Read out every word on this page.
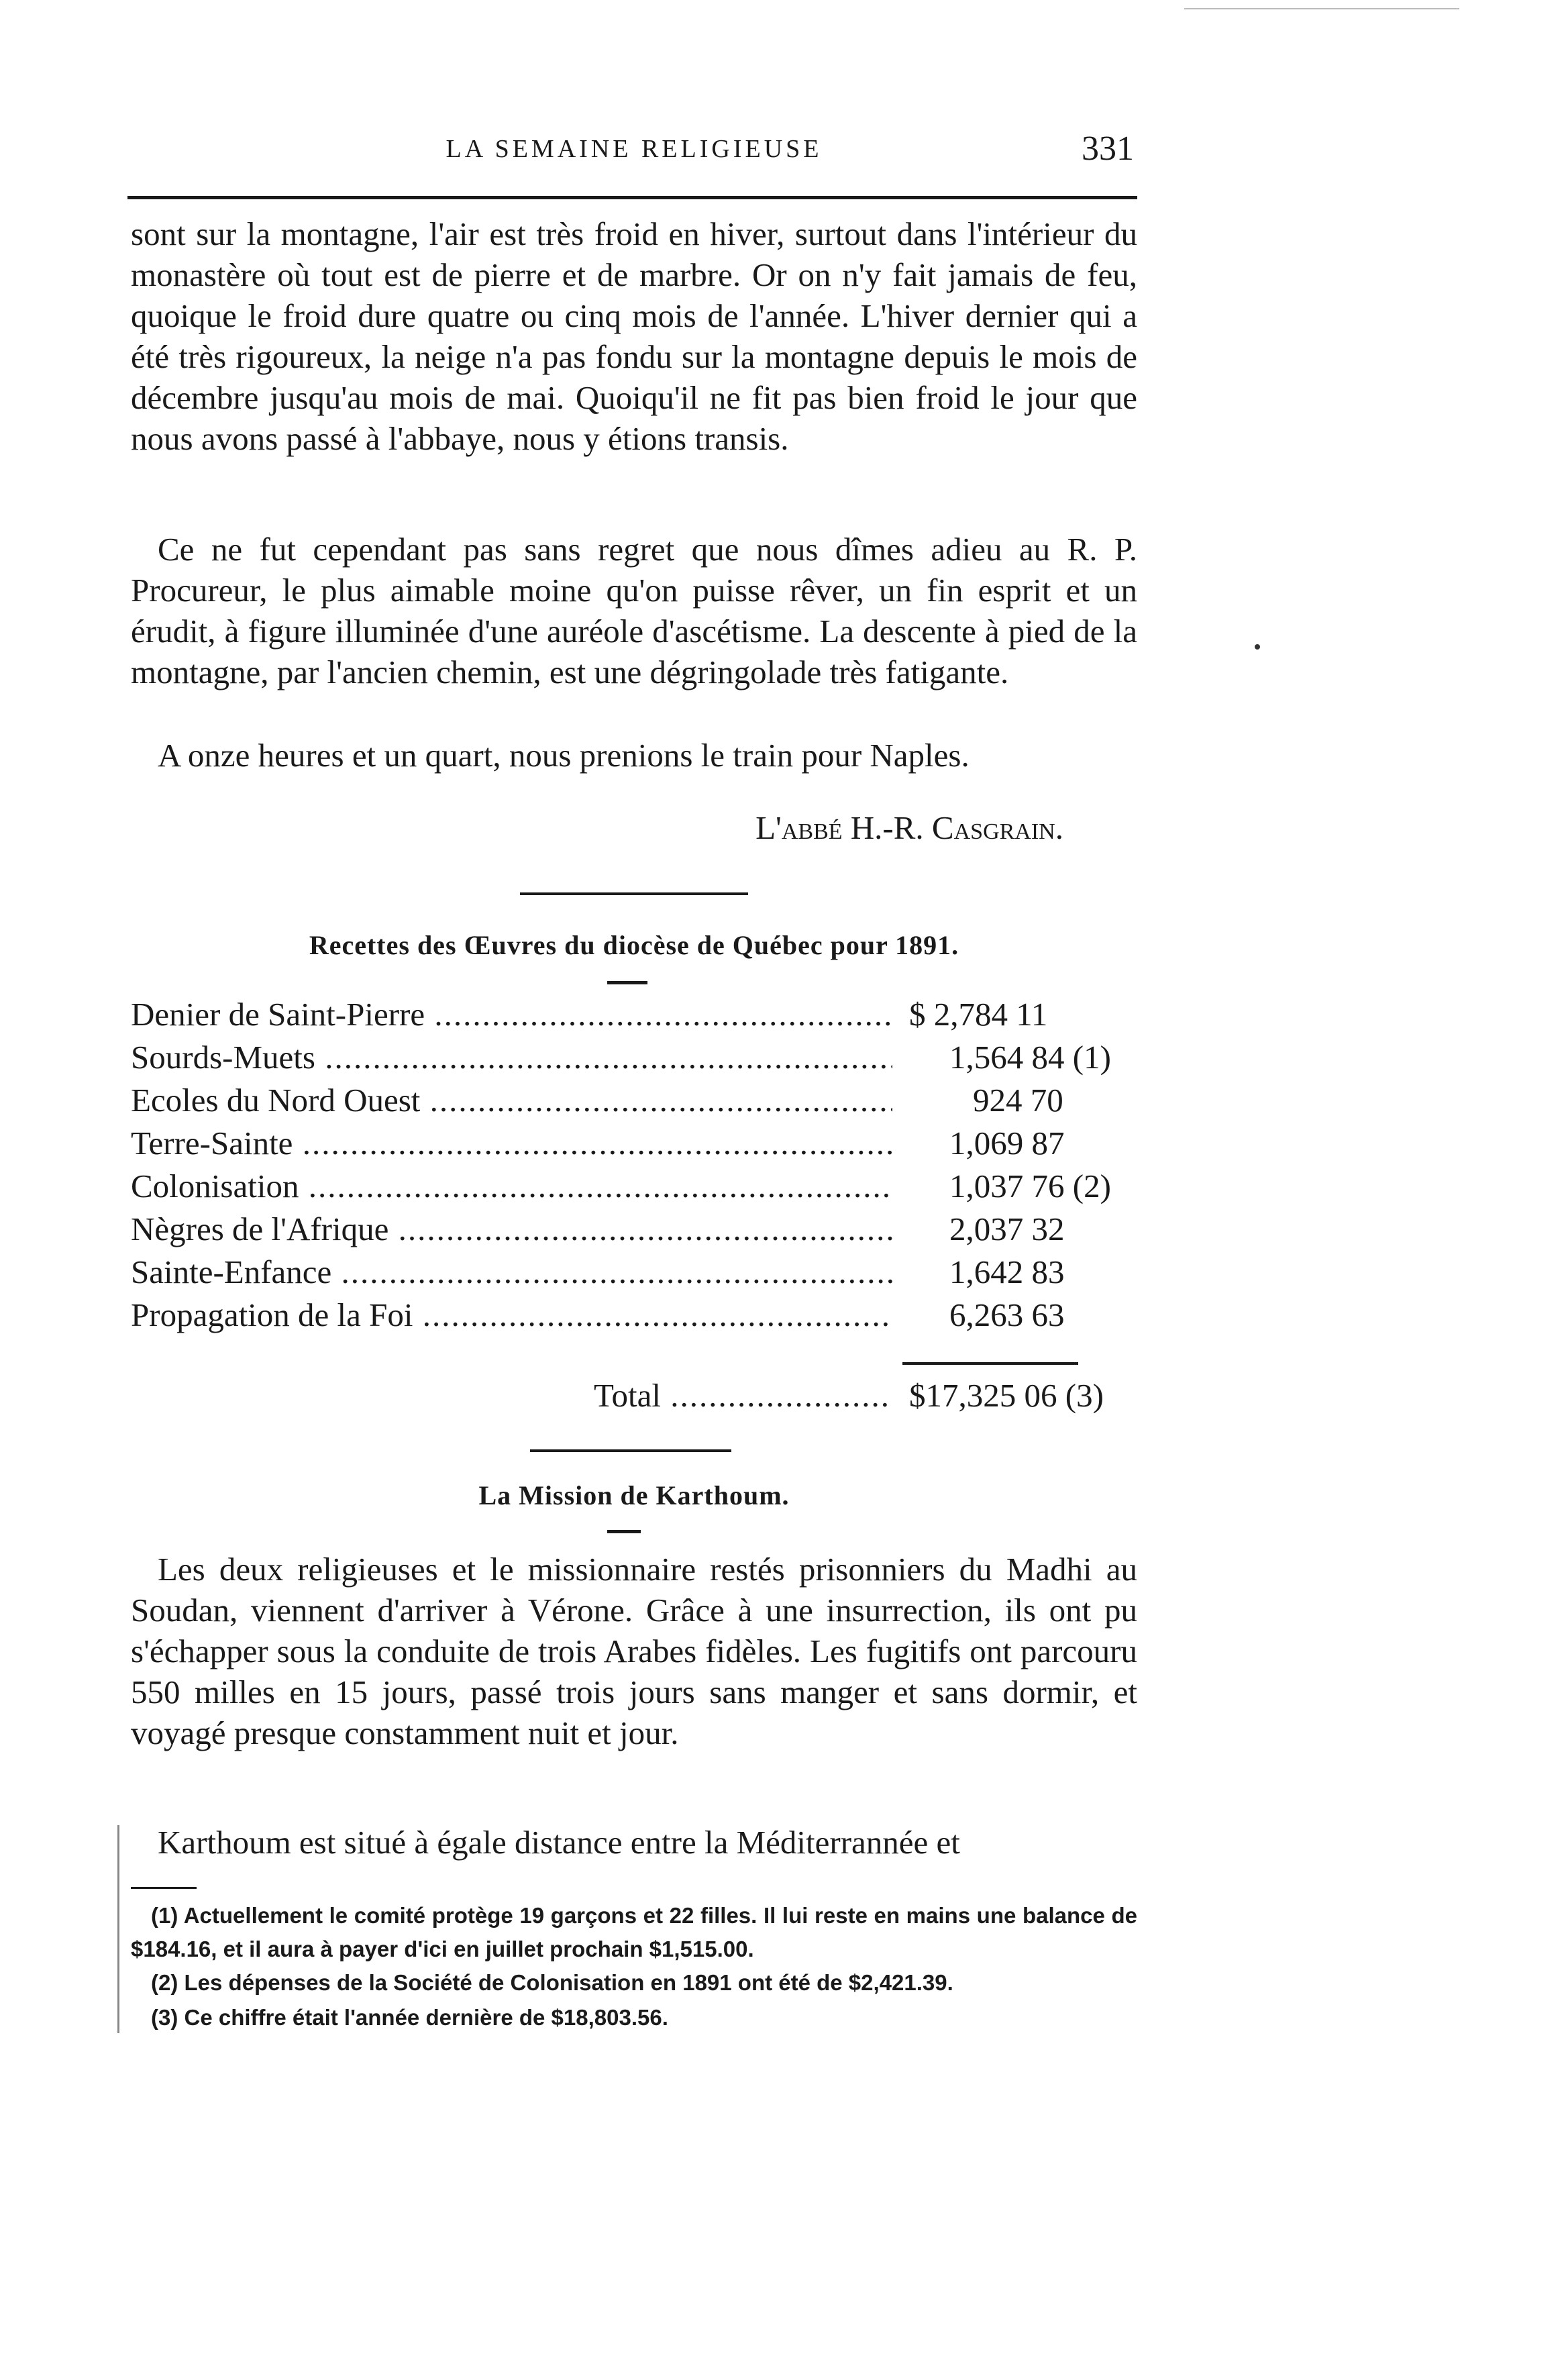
LA SEMAINE RELIGIEUSE	331
sont sur la montagne, l'air est très froid en hiver, surtout dans l'intérieur du monastère où tout est de pierre et de marbre. Or on n'y fait jamais de feu, quoique le froid dure quatre ou cinq mois de l'année. L'hiver dernier qui a été très rigoureux, la neige n'a pas fondu sur la montagne depuis le mois de décembre jusqu'au mois de mai. Quoiqu'il ne fit pas bien froid le jour que nous avons passé à l'abbaye, nous y étions transis.
Ce ne fut cependant pas sans regret que nous dîmes adieu au R. P. Procureur, le plus aimable moine qu'on puisse rêver, un fin esprit et un érudit, à figure illuminée d'une auréole d'ascétisme. La descente à pied de la montagne, par l'ancien chemin, est une dégringolade très fatigante.
A onze heures et un quart, nous prenions le train pour Naples.
L'abbé H.-R. Casgrain.
Recettes des Œuvres du diocèse de Québec pour 1891.
Denier de Saint-Pierre .....	$ 2,784 11
Sourds-Muets .....	1,564 84 (1)
Ecoles du Nord Ouest .....	924 70
Terre-Sainte .....	1,069 87
Colonisation .....	1,037 76 (2)
Nègres de l'Afrique .....	2,037 32
Sainte-Enfance .....	1,642 83
Propagation de la Foi .....	6,263 63
Total .....	$17,325 06 (3)
La Mission de Karthoum.
Les deux religieuses et le missionnaire restés prisonniers du Madhi au Soudan, viennent d'arriver à Vérone. Grâce à une insurrection, ils ont pu s'échapper sous la conduite de trois Arabes fidèles. Les fugitifs ont parcouru 550 milles en 15 jours, passé trois jours sans manger et sans dormir, et voyagé presque constamment nuit et jour.
Karthoum est situé à égale distance entre la Méditerrannée et
(1) Actuellement le comité protège 19 garçons et 22 filles. Il lui reste en mains une balance de $184.16, et il aura à payer d'ici en juillet prochain $1,515.00.
(2) Les dépenses de la Société de Colonisation en 1891 ont été de $2,421.39.
(3) Ce chiffre était l'année dernière de $18,803.56.
